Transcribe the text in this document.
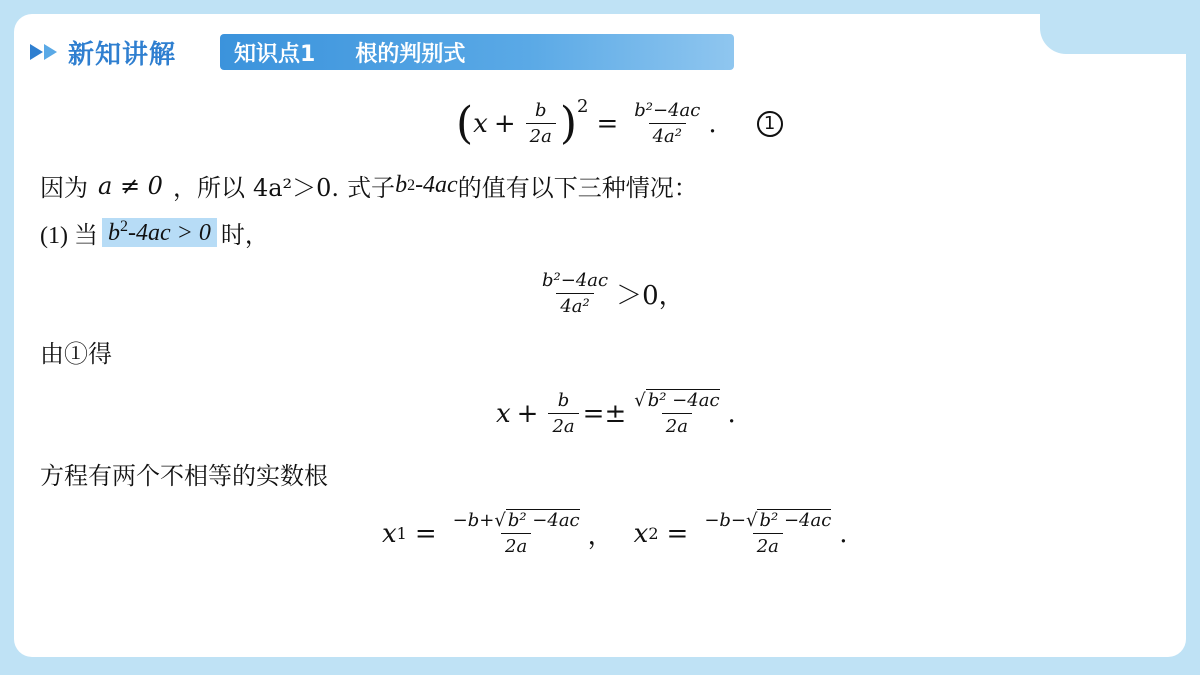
新知讲解	知识点1 根的判别式
( $x + \frac{b}{2a}$ ) 2
= $\frac{\text{b²−4ac}}{\text{4a²}}$ .	1
因为 a ≠ 0 ，所以 4a²＞0. 式子 b 2 -4ac 的值有以下三种情况：
(1) 当 $b^2-4ac > 0$ 时，
$\frac{\text{b²−4ac}}{\text{4a²}} >0$，
由①得
$x + \frac{b}{2a} =\pm \frac{\text{√ b² −4ac}}{2a}$ .
方程有两个不相等的实数根
x $1 = \frac{\text{−b+√ b² −4ac}}{2a}$ ， x $2 = \frac{\text{−b−√ b² −4ac}}{2a}$ .
